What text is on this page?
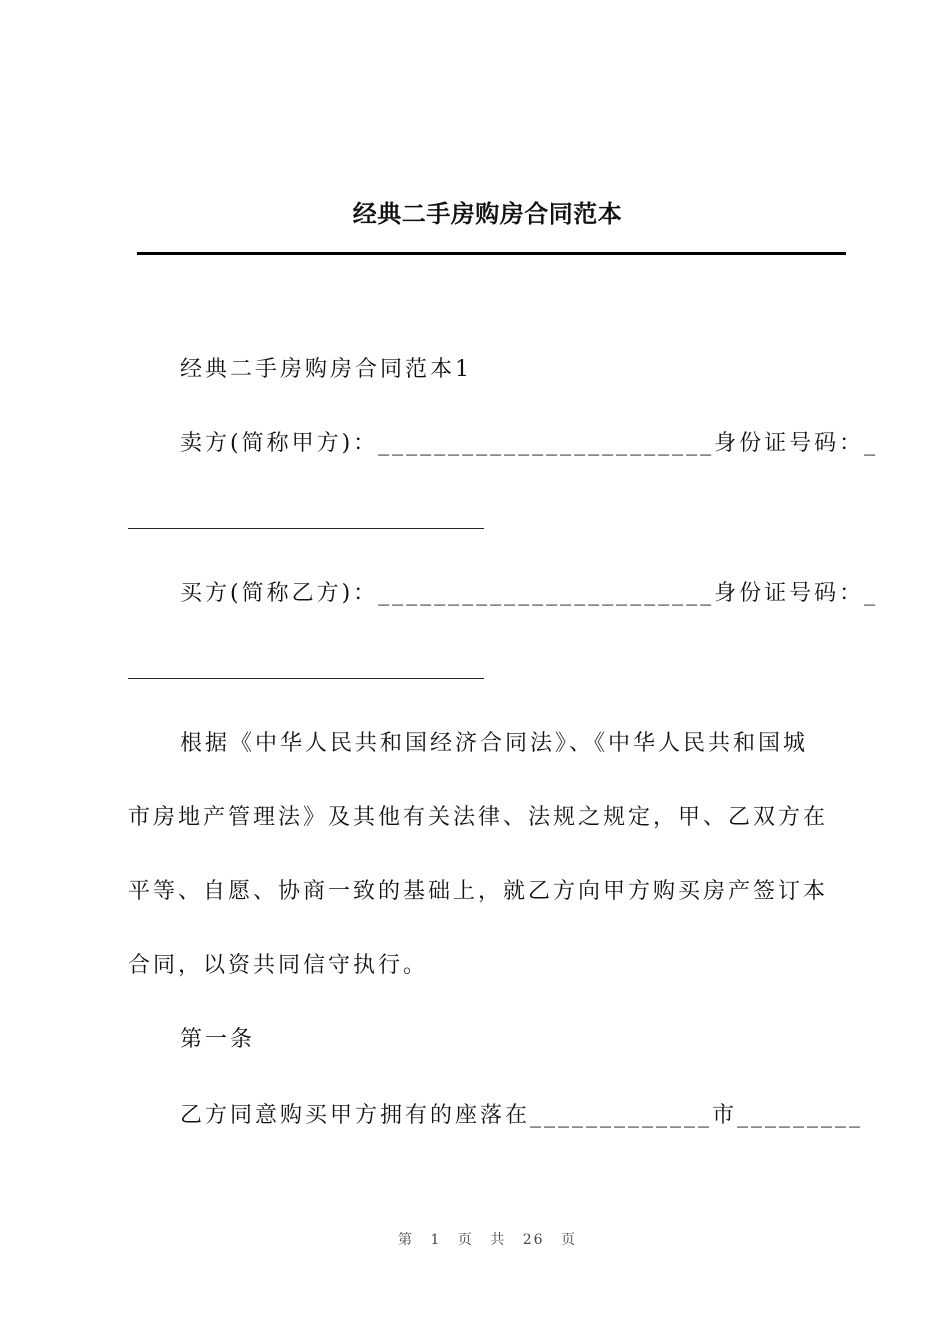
经典二手房购房合同范本
经典二手房购房合同范本1
卖方(简称甲方)：________________________身份证号码：_
买方(简称乙方)：________________________身份证号码：_
根据《中华人民共和国经济合同法》、《中华人民共和国城
市房地产管理法》及其他有关法律、法规之规定，甲、乙双方在
平等、自愿、协商一致的基础上，就乙方向甲方购买房产签订本
合同，以资共同信守执行。
第一条
乙方同意购买甲方拥有的座落在_____________市_________
第 1 页 共 26 页
